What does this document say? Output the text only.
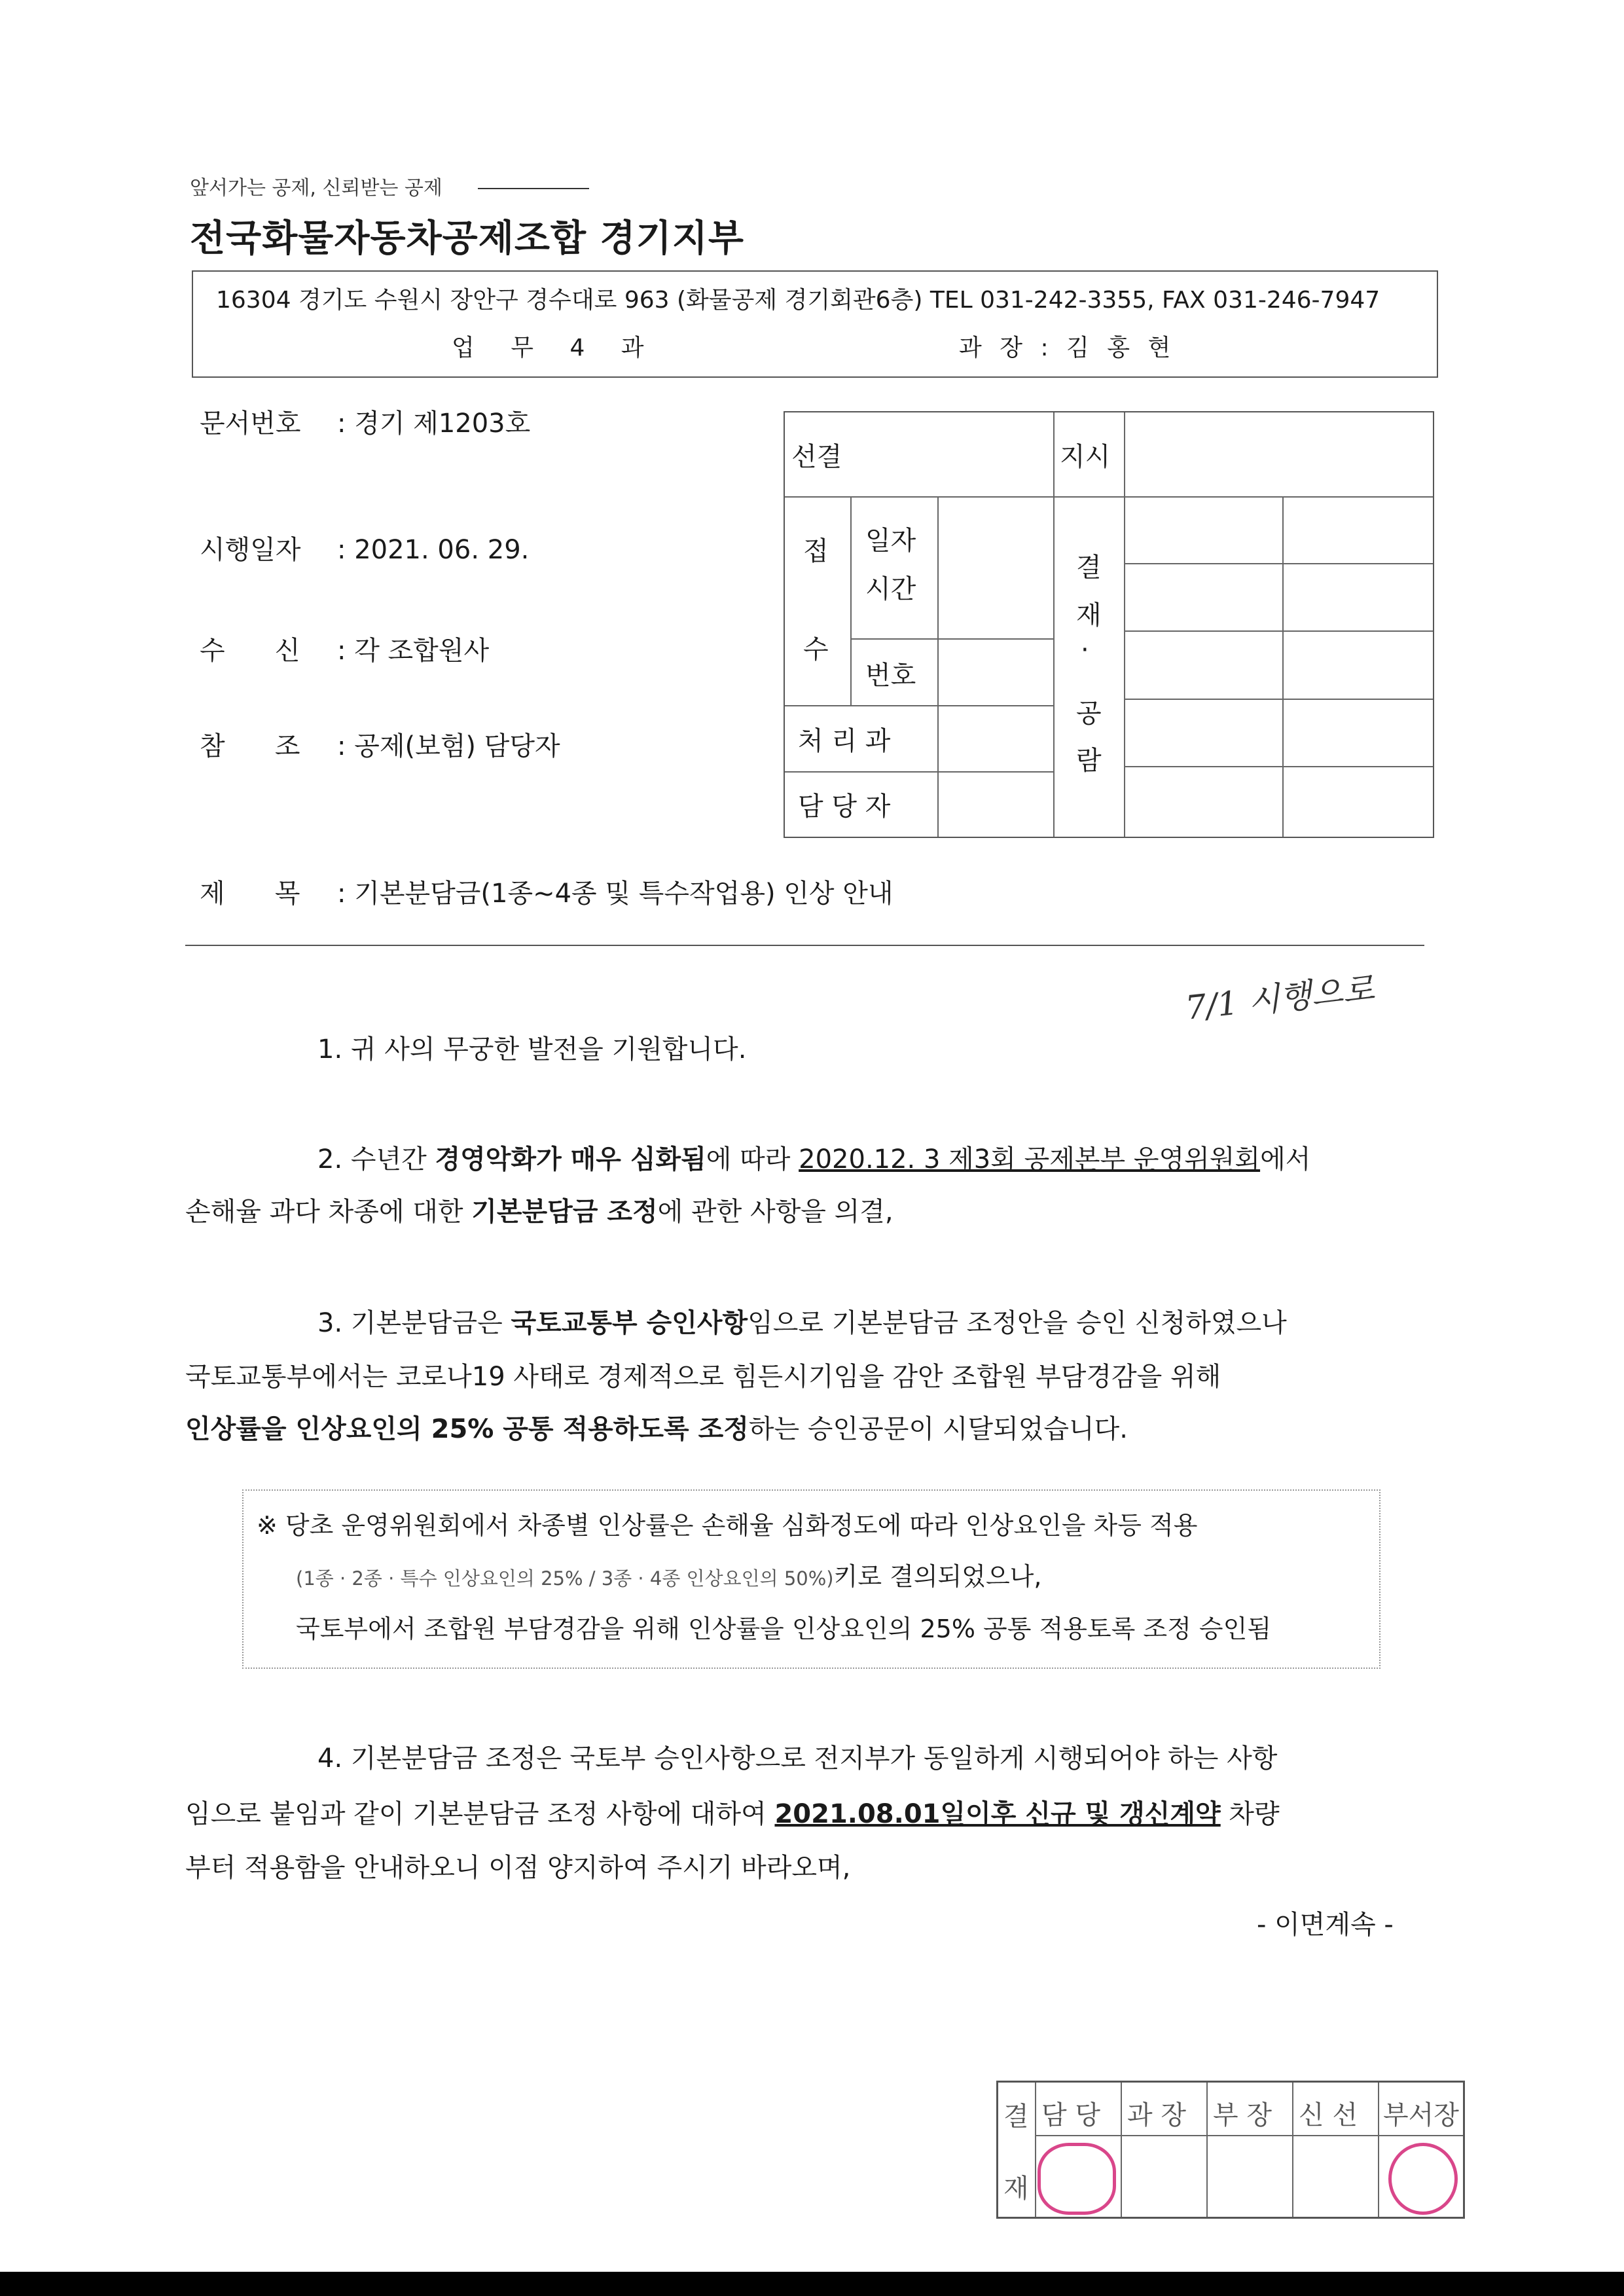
앞서가는 공제, 신뢰받는 공제
전국화물자동차공제조합 경기지부
16304 경기도 수원시 장안구 경수대로 963 (화물공제 경기회관6층) TEL 031-242-3355, FAX 031-246-7947
업 무 4 과	과 장 : 김 홍 현
문서번호 : 경기 제1203호
시행일자 : 2021. 06. 29.
수      신 : 각 조합원사
참      조 : 공제(보험) 담당자
제      목 : 기본분담금(1종~4종 및 특수작업용) 인상 안내
선결	지시
접
수
일자
시간
번호
처 리 과
담 당 자
결
재
·
공
람
7/1 시행으로
1. 귀 사의 무궁한 발전을 기원합니다.
2. 수년간 경영악화가 매우 심화됨에 따라 2020.12. 3 제3회 공제본부 운영위원회에서
손해율 과다 차종에 대한 기본분담금 조정에 관한 사항을 의결,
3. 기본분담금은 국토교통부 승인사항임으로 기본분담금 조정안을 승인 신청하였으나
국토교통부에서는 코로나19 사태로 경제적으로 힘든시기임을 감안 조합원 부담경감을 위해
인상률을 인상요인의 25% 공통 적용하도록 조정하는 승인공문이 시달되었습니다.
※ 당초 운영위원회에서 차종별 인상률은 손해율 심화정도에 따라 인상요인을 차등 적용
(1종 · 2종 · 특수 인상요인의 25% / 3종 · 4종 인상요인의 50%)키로 결의되었으나,
국토부에서 조합원 부담경감을 위해 인상률을 인상요인의 25% 공통 적용토록 조정 승인됨
4. 기본분담금 조정은 국토부 승인사항으로 전지부가 동일하게 시행되어야 하는 사항
임으로 붙임과 같이 기본분담금 조정 사항에 대하여 2021.08.01일이후 신규 및 갱신계약 차량
부터 적용함을 안내하오니 이점 양지하여 주시기 바라오며,
- 이면계속 -
결
재
담 당 과 장 부 장 신 선 부서장
